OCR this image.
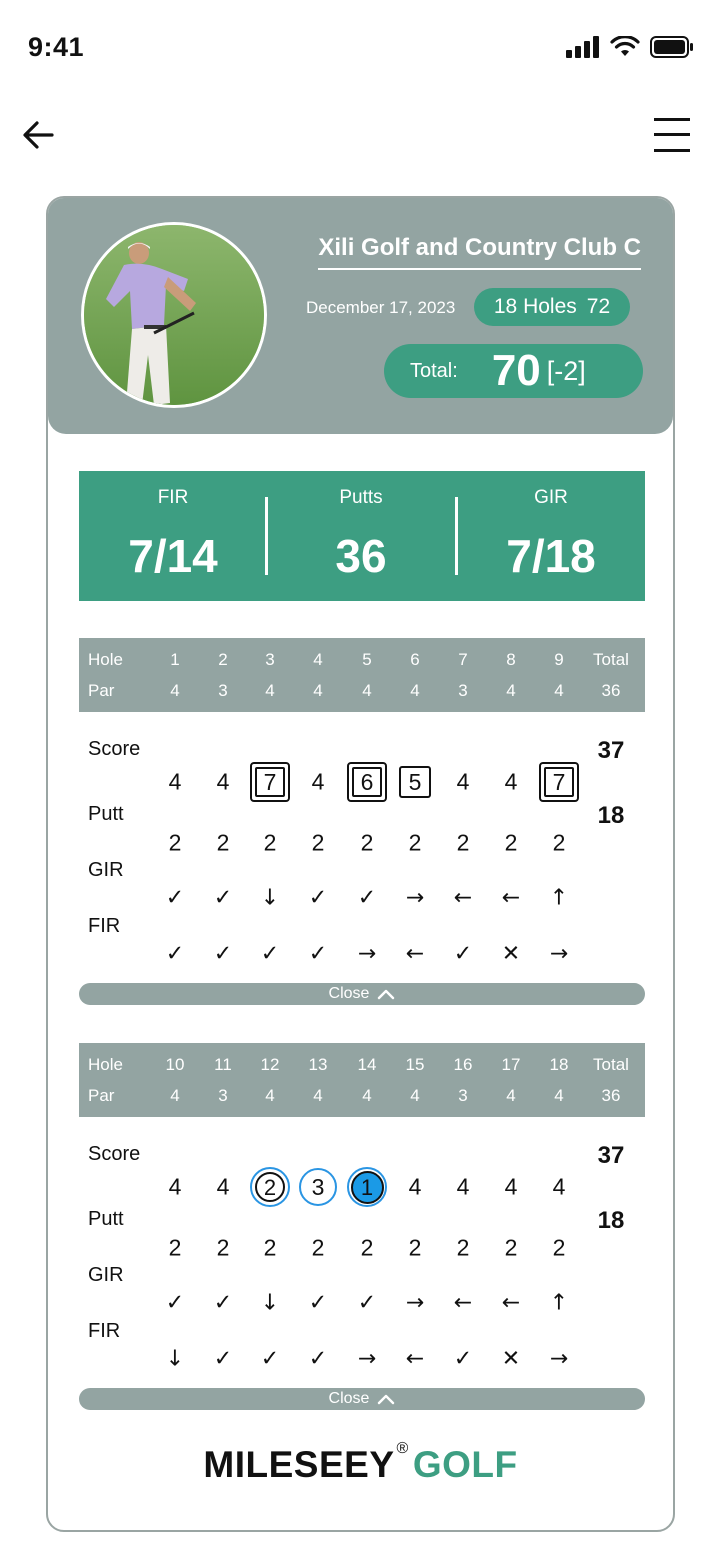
9:41
Xili Golf and Country Club C
December 17, 2023 18 Holes 72
Total: 70 [-2]
FIR
7/14
Putts
36
GIR
7/18
Hole
Par
1
4
2
3
3
4
4
4
5
4
6
4
7
3
8
4
9
4
Total
36
Score
Putt
GIR
FIR
4
2
✓
✓
4
2
✓
✓
7
2
↓
✓
4
2
✓
✓
6
2
✓
→
5
2
→
←
4
2
←
✓
4
2
←
✕
7
2
↑
→
37
18
Close
Hole
Par
10
4
11
3
12
4
13
4
14
4
15
4
16
3
17
4
18
4
Total
36
Score
Putt
GIR
FIR
4
2
✓
↓
4
2
✓
✓
2
2
↓
✓
3
2
✓
✓
1
2
✓
→
4
2
→
←
4
2
←
✓
4
2
←
✕
4
2
↑
→
37
18
Close
MILESEEY ® GOLF
